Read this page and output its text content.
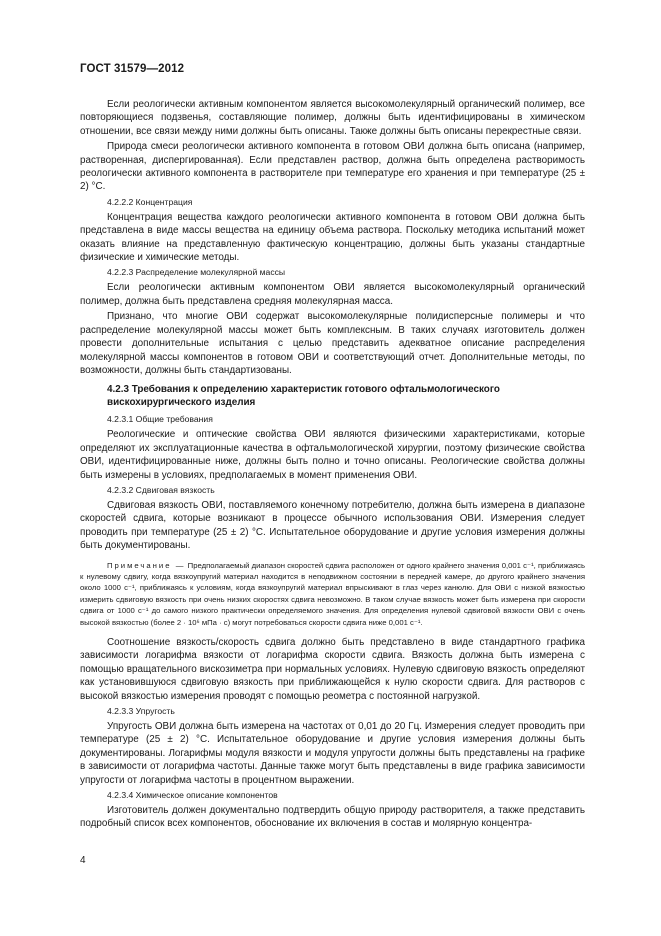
ГОСТ 31579—2012

Если реологически активным компонентом является высокомолекулярный органический полимер, все повторяющиеся подзвенья, составляющие полимер, должны быть идентифицированы в химическом отношении, все связи между ними должны быть описаны. Также должны быть описаны перекрестные связи.

Природа смеси реологически активного компонента в готовом ОВИ должна быть описана (например, растворенная, диспергированная). Если представлен раствор, должна быть определена растворимость реологически активного компонента в растворителе при температуре его хранения и при температуре (25 ± 2) °С.

4.2.2.2 Концентрация

Концентрация вещества каждого реологически активного компонента в готовом ОВИ должна быть представлена в виде массы вещества на единицу объема раствора. Поскольку методика испытаний может оказать влияние на представленную фактическую концентрацию, должны быть указаны стандартные физические и химические методы.

4.2.2.3 Распределение молекулярной массы

Если реологически активным компонентом ОВИ является высокомолекулярный органический полимер, должна быть представлена средняя молекулярная масса.

Признано, что многие ОВИ содержат высокомолекулярные полидисперсные полимеры и что распределение молекулярной массы может быть комплексным. В таких случаях изготовитель должен провести дополнительные испытания с целью представить адекватное описание распределения молекулярной массы компонентов в готовом ОВИ и соответствующий отчет. Дополнительные методы, по возможности, должны быть стандартизованы.

4.2.3 Требования к определению характеристик готового офтальмологического
вискохирургического изделия
4.2.3.1 Общие требования

Реологические и оптические свойства ОВИ являются физическими характеристиками, которые определяют их эксплуатационные качества в офтальмологической хирургии, поэтому физические свойства ОВИ, идентифицированные ниже, должны быть полно и точно описаны. Реологические свойства должны быть измерены в условиях, предполагаемых в момент применения ОВИ.

4.2.3.2 Сдвиговая вязкость

Сдвиговая вязкость ОВИ, поставляемого конечному потребителю, должна быть измерена в диапазоне скоростей сдвига, которые возникают в процессе обычного использования ОВИ. Измерения следует проводить при температуре (25 ± 2) °С. Испытательное оборудование и другие условия измерения должны быть документированы.

Примечание — Предполагаемый диапазон скоростей сдвига расположен от одного крайнего значения 0,001 с⁻¹, приближаясь к нулевому сдвигу, когда вязкоупругий материал находится в неподвижном состоянии в передней камере, до другого крайнего значения около 1000 с⁻¹, приближаясь к условиям, когда вязкоупругий материал впрыскивают в глаз через канюлю. Для ОВИ с низкой вязкостью измерить сдвиговую вязкость при очень низких скоростях сдвига невозможно. В таком случае вязкость может быть измерена при скорости сдвига от 1000 с⁻¹ до самого низкого практически определяемого значения. Для определения нулевой сдвиговой вязкости ОВИ с очень высокой вязкостью (более 2 · 10⁶ мПа · с) могут потребоваться скорости сдвига ниже 0,001 с⁻¹.

Соотношение вязкость/скорость сдвига должно быть представлено в виде стандартного графика зависимости логарифма вязкости от логарифма скорости сдвига. Вязкость должна быть измерена с помощью вращательного вискозиметра при нормальных условиях. Нулевую сдвиговую вязкость определяют как установившуюся сдвиговую вязкость при приближающейся к нулю скорости сдвига. Для растворов с высокой вязкостью измерения проводят с помощью реометра с постоянной нагрузкой.

4.2.3.3 Упругость

Упругость ОВИ должна быть измерена на частотах от 0,01 до 20 Гц. Измерения следует проводить при температуре (25 ± 2) °С. Испытательное оборудование и другие условия измерения должны быть документированы. Логарифмы модуля вязкости и модуля упругости должны быть представлены на графике в зависимости от логарифма частоты. Данные также могут быть представлены в виде графика зависимости упругости от логарифма частоты в процентном выражении.

4.2.3.4 Химическое описание компонентов

Изготовитель должен документально подтвердить общую природу растворителя, а также представить подробный список всех компонентов, обоснование их включения в состав и молярную концентра-

4
